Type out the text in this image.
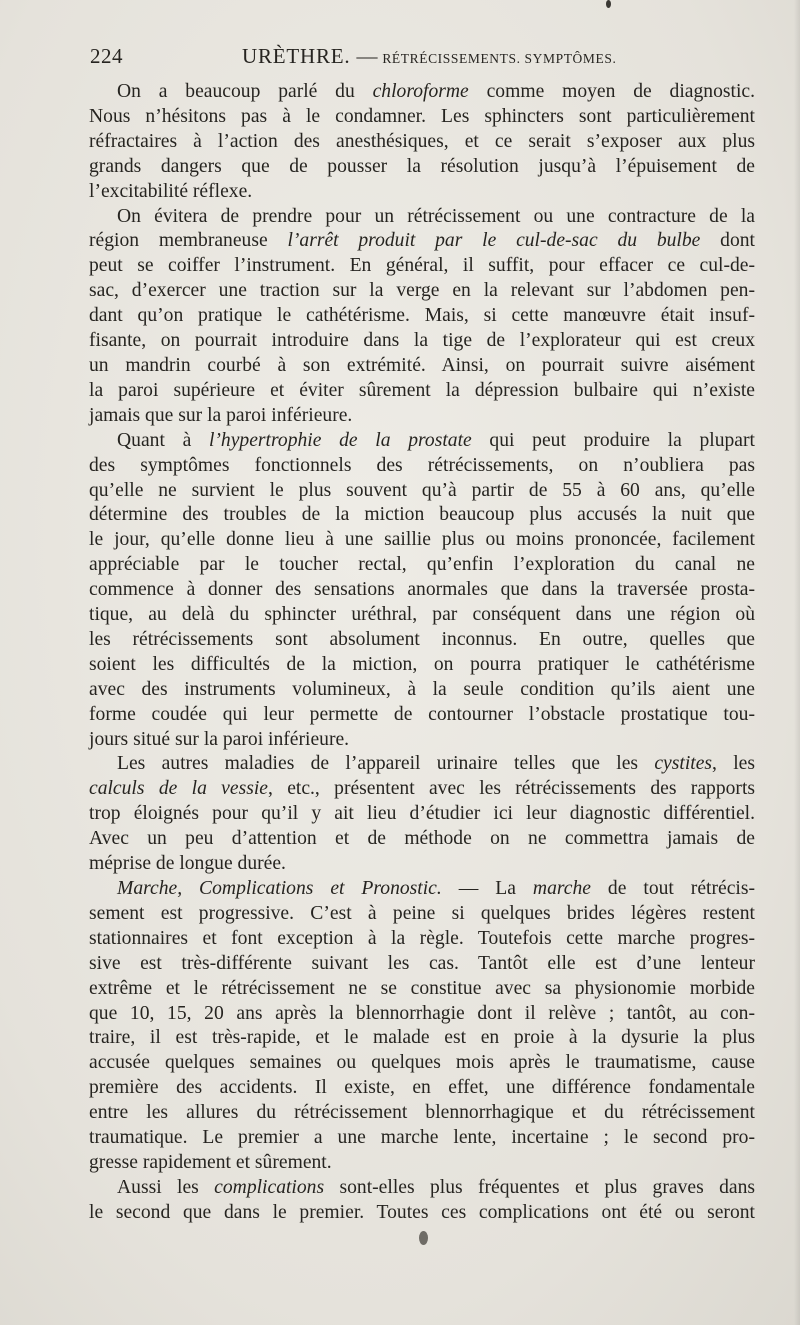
224	URÈTHRE. — RÉTRÉCISSEMENTS. SYMPTÔMES.
On a beaucoup parlé du chloroforme comme moyen de diagnostic.
Nous n’hésitons pas à le condamner. Les sphincters sont particulièrement
réfractaires à l’action des anesthésiques, et ce serait s’exposer aux plus
grands dangers que de pousser la résolution jusqu’à l’épuisement de
l’excitabilité réflexe.
On évitera de prendre pour un rétrécissement ou une contracture de la
région membraneuse l’arrêt produit par le cul-de-sac du bulbe dont
peut se coiffer l’instrument. En général, il suffit, pour effacer ce cul-de-
sac, d’exercer une traction sur la verge en la relevant sur l’abdomen pen-
dant qu’on pratique le cathétérisme. Mais, si cette manœuvre était insuf-
fisante, on pourrait introduire dans la tige de l’explorateur qui est creux
un mandrin courbé à son extrémité. Ainsi, on pourrait suivre aisément
la paroi supérieure et éviter sûrement la dépression bulbaire qui n’existe
jamais que sur la paroi inférieure.
Quant à l’hypertrophie de la prostate qui peut produire la plupart
des symptômes fonctionnels des rétrécissements, on n’oubliera pas
qu’elle ne survient le plus souvent qu’à partir de 55 à 60 ans, qu’elle
détermine des troubles de la miction beaucoup plus accusés la nuit que
le jour, qu’elle donne lieu à une saillie plus ou moins prononcée, facilement
appréciable par le toucher rectal, qu’enfin l’exploration du canal ne
commence à donner des sensations anormales que dans la traversée prosta-
tique, au delà du sphincter uréthral, par conséquent dans une région où
les rétrécissements sont absolument inconnus. En outre, quelles que
soient les difficultés de la miction, on pourra pratiquer le cathétérisme
avec des instruments volumineux, à la seule condition qu’ils aient une
forme coudée qui leur permette de contourner l’obstacle prostatique tou-
jours situé sur la paroi inférieure.
Les autres maladies de l’appareil urinaire telles que les cystites, les
calculs de la vessie, etc., présentent avec les rétrécissements des rapports
trop éloignés pour qu’il y ait lieu d’étudier ici leur diagnostic différentiel.
Avec un peu d’attention et de méthode on ne commettra jamais de
méprise de longue durée.
Marche, Complications et Pronostic. — La marche de tout rétrécis-
sement est progressive. C’est à peine si quelques brides légères restent
stationnaires et font exception à la règle. Toutefois cette marche progres-
sive est très-différente suivant les cas. Tantôt elle est d’une lenteur
extrême et le rétrécissement ne se constitue avec sa physionomie morbide
que 10, 15, 20 ans après la blennorrhagie dont il relève ; tantôt, au con-
traire, il est très-rapide, et le malade est en proie à la dysurie la plus
accusée quelques semaines ou quelques mois après le traumatisme, cause
première des accidents. Il existe, en effet, une différence fondamentale
entre les allures du rétrécissement blennorrhagique et du rétrécissement
traumatique. Le premier a une marche lente, incertaine ; le second pro-
gresse rapidement et sûrement.
Aussi les complications sont-elles plus fréquentes et plus graves dans
le second que dans le premier. Toutes ces complications ont été ou seront
